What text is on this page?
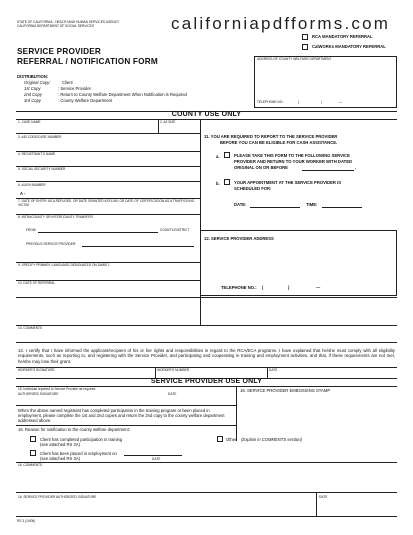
STATE OF CALIFORNIA - HEALTH AND HUMAN SERVICES AGENCY
CALIFORNIA DEPARTMENT OF SOCIAL SERVICES	californiapdfforms.com
RCA MANDATORY REFERRAL
CalWORKs MANDATORY REFERRAL
SERVICE PROVIDER
REFERRAL / NOTIFICATION FORM
DISTRIBUTION:
Original Copy:	Client
1st Copy	: Service Provider
2nd Copy	: Return to County Welfare Department When Notification is Required
3rd Copy	: County Welfare Department
ADDRESS OF COUNTY WELFARE DEPARTMENT
TELEPHONE NO.:	(	)	—
COUNTY USE ONLY
1. CASE NAME	2. A/I SIZE
3. AID CODE/CASE NUMBER
4. REGISTRANT'S NAME
5. SOCIAL SECURITY NUMBER
6. ALIEN NUMBER
A -
7. DATE OF ENTRY AS A REFUGEE, OR DATE GRANTED ASYLUM, OR DATE OF CERTIFICATION AS A TRAFFICKING VICTIM
8. INTRACOUNTY OR INTERCOUNTY TRANSFER
FROM:	COUNTY/DISTRICT
PREVIOUS SERVICE PROVIDER:
9. SPECIFY PRIMARY LANGUAGE DESIGNATED ON SAWS 1
10. DATE OF REFERRAL
11. YOU ARE REQUIRED TO REPORT TO THE SERVICE PROVIDER
BEFORE YOU CAN BE ELIGIBLE FOR CASH ASSISTANCE.
a.	PLEASE TAKE THIS FORM TO THE FOLLOWING SERVICE
PROVIDER AND RETURN TO YOUR WORKER WITH DATED
ORIGINAL ON OR BEFORE	.
b.	YOUR APPOINTMENT AT THE SERVICE PROVIDER IS
SCHEDULED FOR:
DATE:	TIME:
12. SERVICE PROVIDER ADDRESS
TELEPHONE NO.: (	)	—
13. COMMENTS
14. I certify that I have informed the applicant/recipient of his or her rights and responsibilities in regard to the RCA/ECA programs. I have explained that he/she must comply with all eligibility requirements, such as reporting to, and registering with the Service Provider, and participating and cooperating in training and employment activities, and that, if these requirements are not met, he/she may lose their grant.
WORKER'S SIGNATURE	WORKER'S NUMBER	DATE
SERVICE PROVIDER USE ONLY
15. Individual reported to Service Provider as required.
AUTHORIZED SIGNATURE	DATE
18. SERVICE PROVIDER EMBOSSING STAMP
When the above named registrant has completed participation in the training program or been placed in employment, please complete the 1st and 2nd copies and return the 2nd copy to the county welfare department addressed above.
16. Reason for notification to the county welfare department:
Client has completed participation in training
(see attached RS 3A)
Other (Explain in COMMENTS section)
Client has been placed in employment on
(see attached RS 3A)	DATE
16. COMMENTS
16. SERVICE PROVIDER AUTHORIZED SIGNATURE	DATE
RS 3 (10/06)
